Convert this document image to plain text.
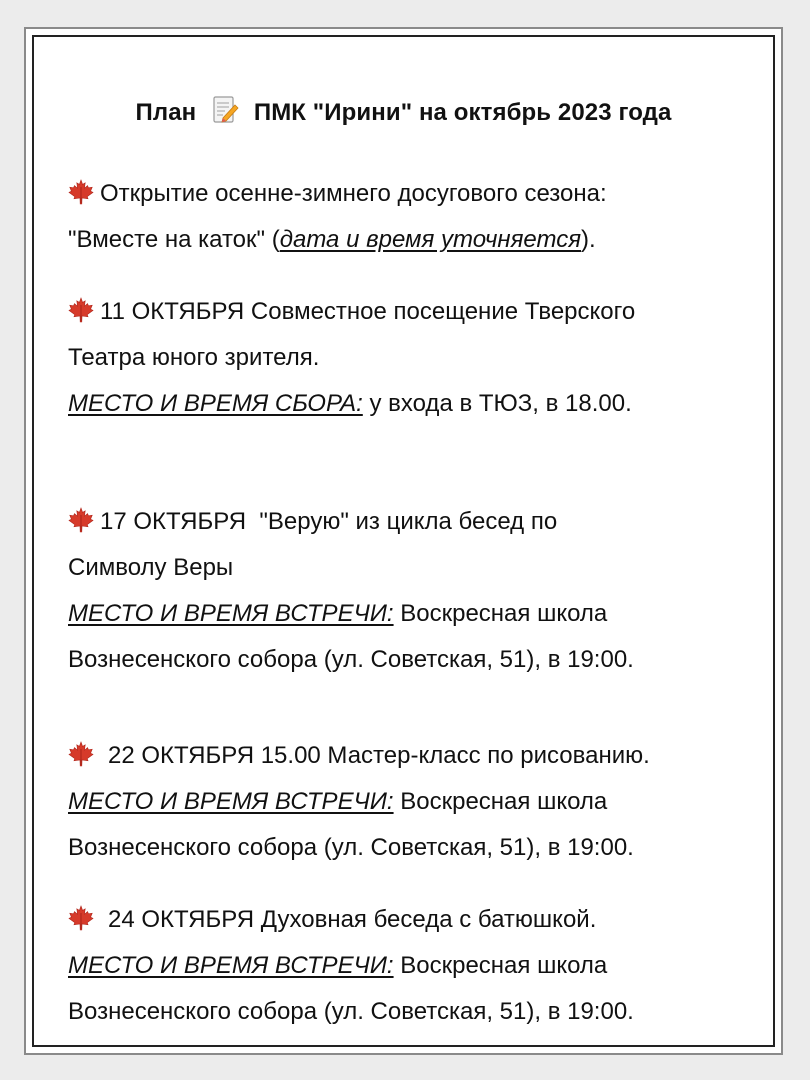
План ПМК "Ирини" на октябрь 2023 года
Открытие осенне-зимнего досугового сезона:
"Вместе на каток" (дата и время уточняется).
11 ОКТЯБРЯ Совместное посещение Тверского
Театра юного зрителя.
МЕСТО И ВРЕМЯ СБОРА: у входа в ТЮЗ, в 18.00.
17 ОКТЯБРЯ  "Верую" из цикла бесед по
Символу Веры
МЕСТО И ВРЕМЯ ВСТРЕЧИ: Воскресная школа
Вознесенского собора (ул. Советская, 51), в 19:00.
22 ОКТЯБРЯ 15.00 Мастер-класс по рисованию.
МЕСТО И ВРЕМЯ ВСТРЕЧИ: Воскресная школа
Вознесенского собора (ул. Советская, 51), в 19:00.
24 ОКТЯБРЯ Духовная беседа с батюшкой.
МЕСТО И ВРЕМЯ ВСТРЕЧИ: Воскресная школа
Вознесенского собора (ул. Советская, 51), в 19:00.
